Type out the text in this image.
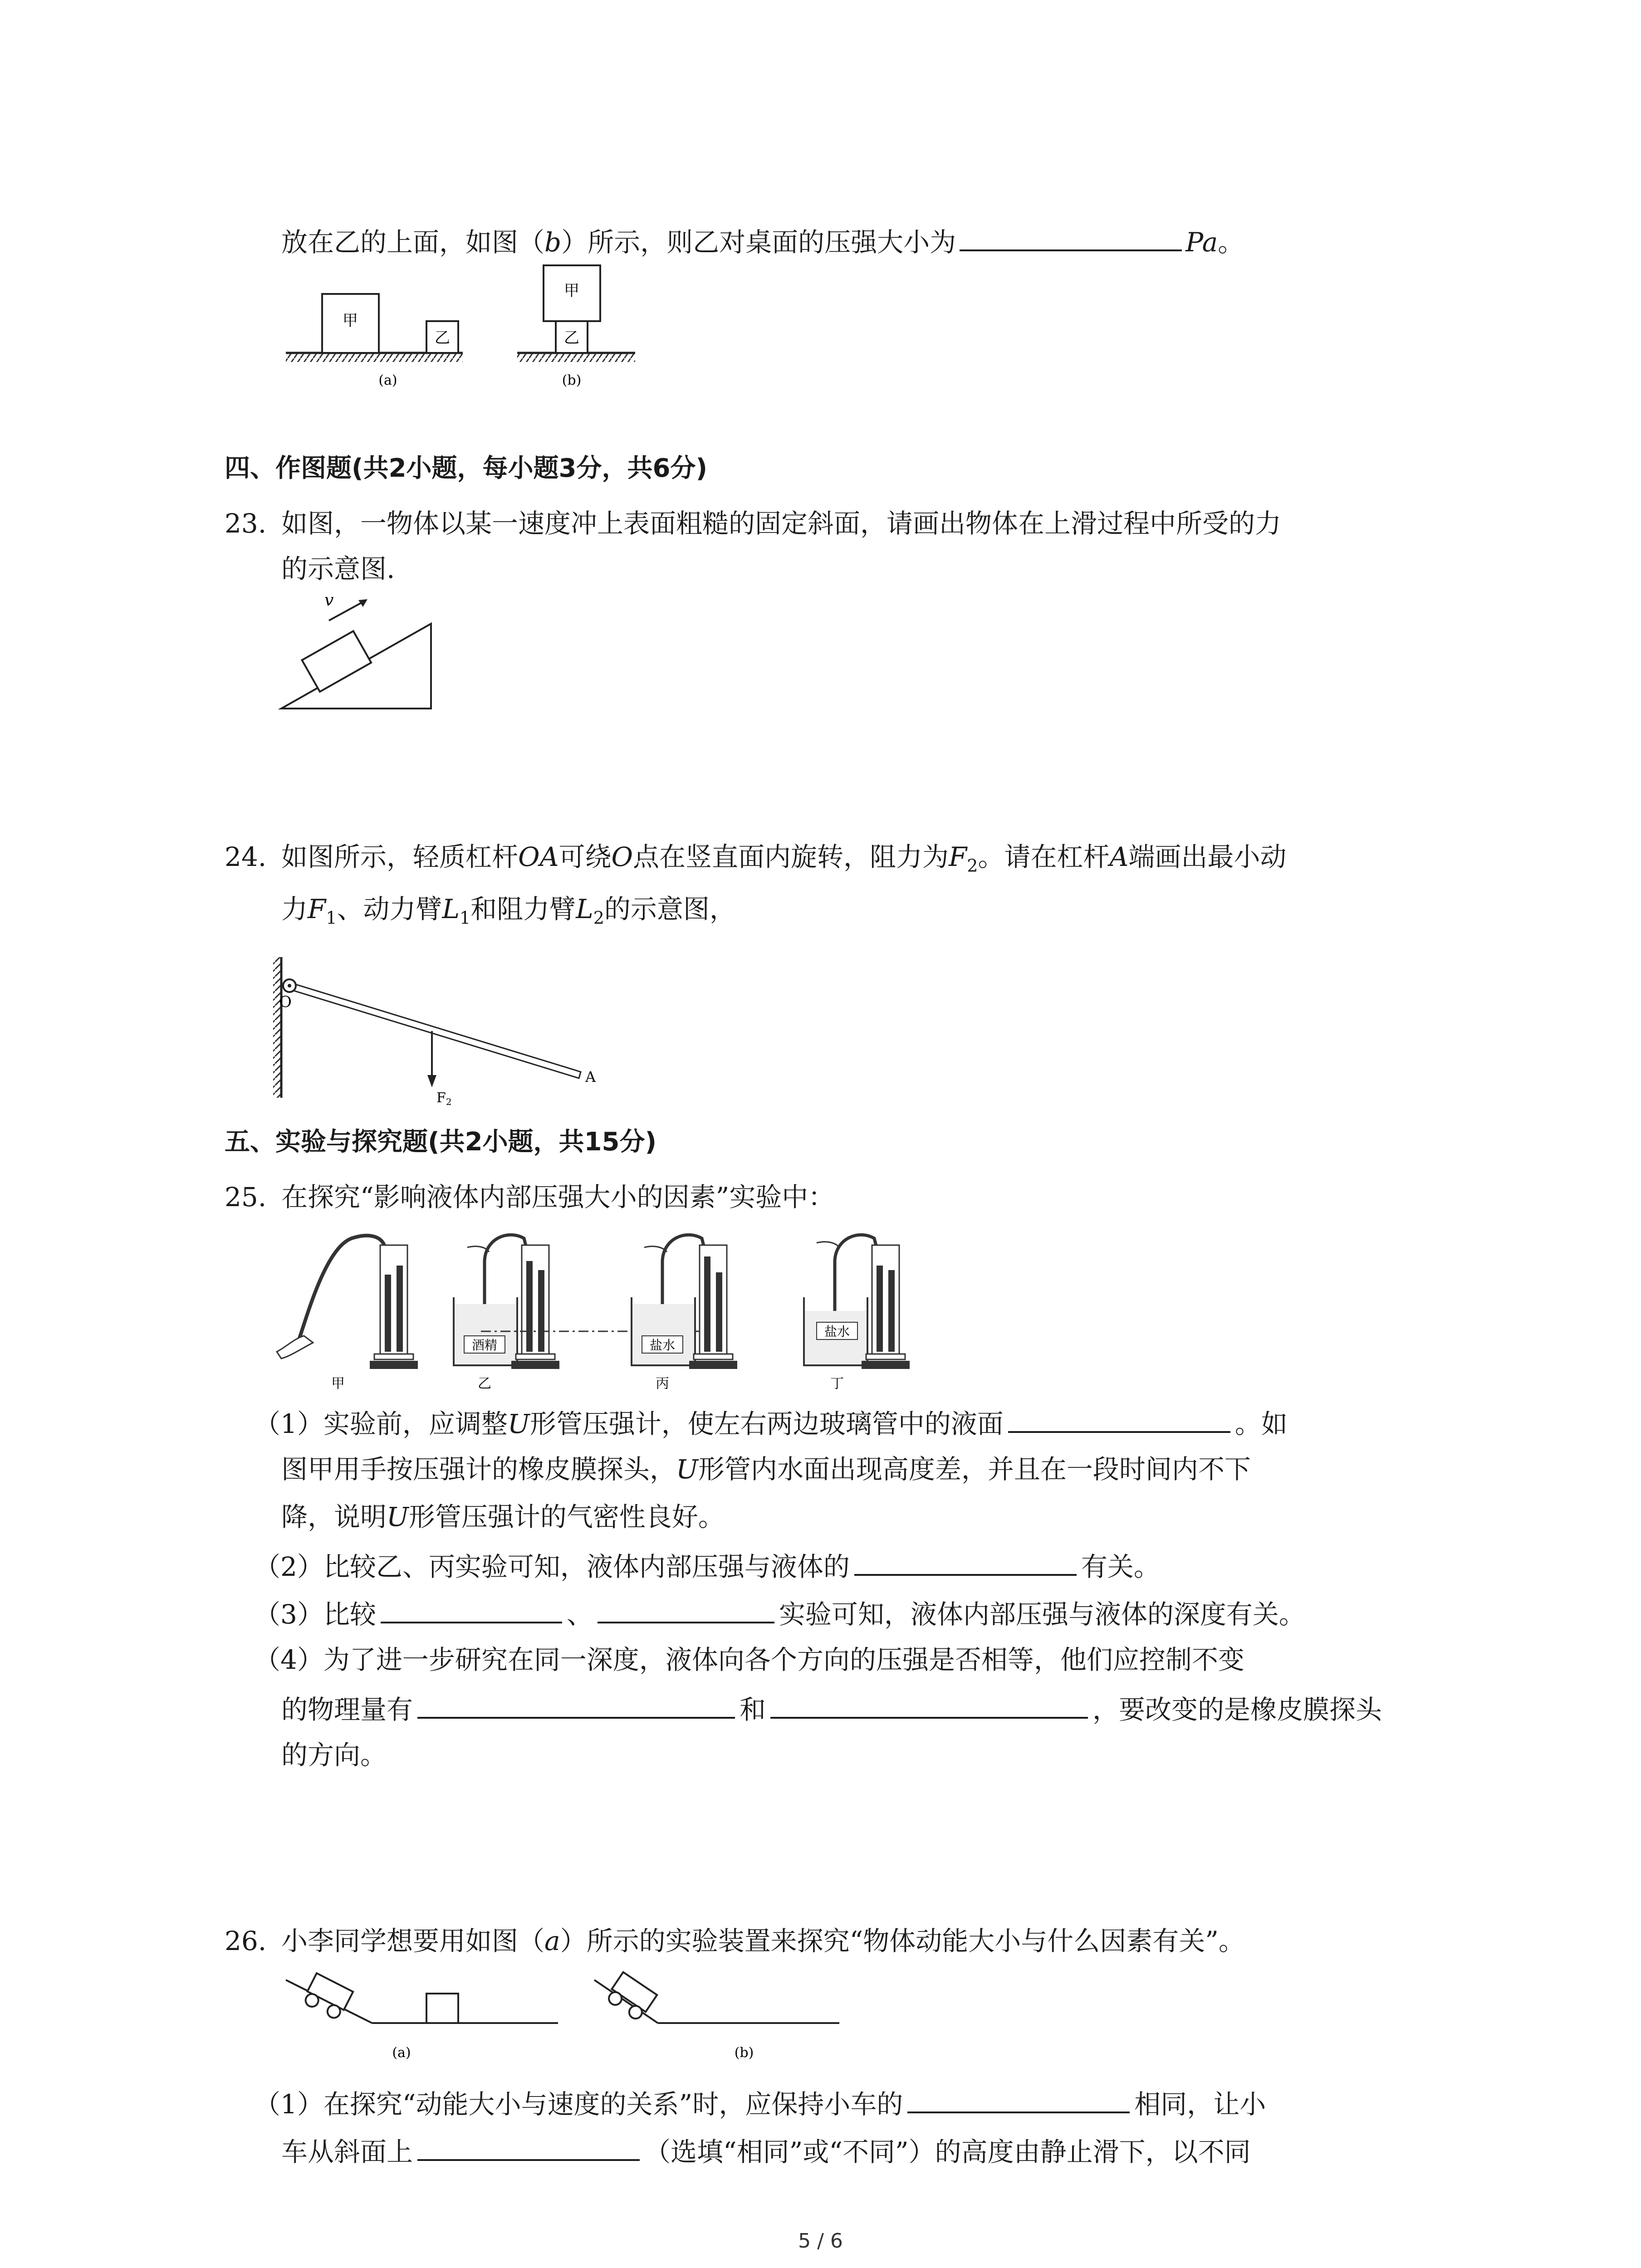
放在乙的上面，如图（b）所示，则乙对桌面的压强大小为	Pa。
甲
乙
(a)
乙
甲
(b)
四、作图题(共2小题，每小题3分，共6分)
23. 如图，一物体以某一速度冲上表面粗糙的固定斜面，请画出物体在上滑过程中所受的力
的示意图.
v
24. 如图所示，轻质杠杆OA可绕O点在竖直面内旋转，阻力为$F_2$。请在杠杆A端画出最小动
力$F_1$、动力臂$L_1$和阻力臂$L_2$的示意图，
O
A
$F_2$
五、实验与探究题(共2小题，共15分)
25. 在探究“影响液体内部压强大小的因素”实验中：
甲
酒精
乙
盐水
丙
盐水
丁
（1）实验前，应调整U形管压强计，使左右两边玻璃管中的液面	。如
图甲用手按压强计的橡皮膜探头，U形管内水面出现高度差，并且在一段时间内不下
降，说明U形管压强计的气密性良好。
（2）比较乙、丙实验可知，液体内部压强与液体的	有关。
（3）比较	、	实验可知，液体内部压强与液体的深度有关。
（4）为了进一步研究在同一深度，液体向各个方向的压强是否相等，他们应控制不变
的物理量有	和	，要改变的是橡皮膜探头
的方向。
26. 小李同学想要用如图（a）所示的实验装置来探究“物体动能大小与什么因素有关”。
(a)	(b)
（1）在探究“动能大小与速度的关系”时，应保持小车的	相同，让小
车从斜面上	（选填“相同”或“不同”）的高度由静止滑下，以不同
5 / 6
